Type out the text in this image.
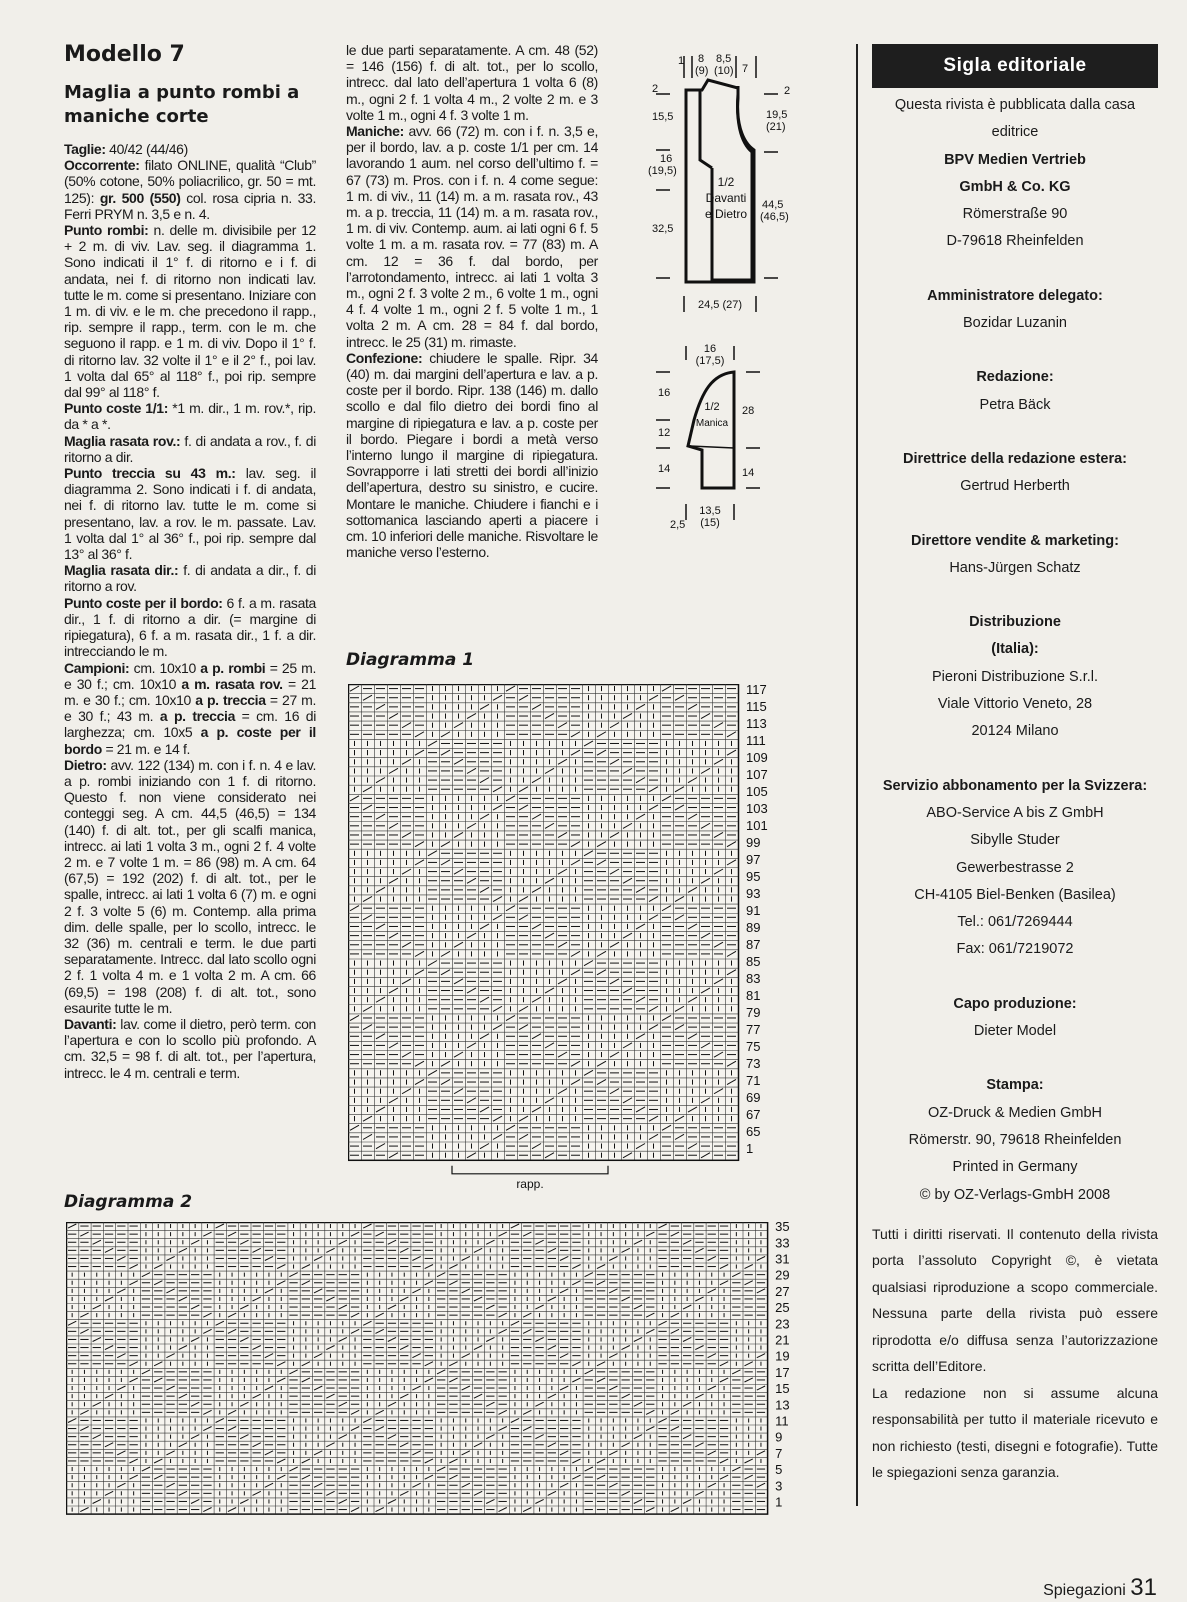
Modello 7
Maglia a punto rombi a maniche corte

Taglie: 40/42 (44/46)

Occorrente: filato ONLINE, qualità “Club” (50% cotone, 50% poliacrilico, gr. 50 = mt. 125): gr. 500 (550) col. rosa cipria n. 33. Ferri PRYM n. 3,5 e n. 4.

Punto rombi: n. delle m. divisibile per 12 + 2 m. di viv. Lav. seg. il diagramma 1. Sono indicati il 1° f. di ritorno e i f. di andata, nei f. di ritorno non indicati lav. tutte le m. come si presentano. Iniziare con 1 m. di viv. e le m. che precedono il rapp., rip. sempre il rapp., term. con le m. che seguono il rapp. e 1 m. di viv. Dopo il 1° f. di ritorno lav. 32 volte il 1° e il 2° f., poi lav. 1 volta dal 65° al 118° f., poi rip. sempre dal 99° al 118° f.

Punto coste 1/1: *1 m. dir., 1 m. rov.*, rip. da * a *.

Maglia rasata rov.: f. di andata a rov., f. di ritorno a dir.

Punto treccia su 43 m.: lav. seg. il diagramma 2. Sono indicati i f. di andata, nei f. di ritorno lav. tutte le m. come si presentano, lav. a rov. le m. passate. Lav. 1 volta dal 1° al 36° f., poi rip. sempre dal 13° al 36° f.

Maglia rasata dir.: f. di andata a dir., f. di ritorno a rov.

Punto coste per il bordo: 6 f. a m. rasata dir., 1 f. di ritorno a dir. (= margine di ripiegatura), 6 f. a m. rasata dir., 1 f. a dir. intrecciando le m.

Campioni: cm. 10x10 a p. rombi = 25 m. e 30 f.; cm. 10x10 a m. rasata rov. = 21 m. e 30 f.; cm. 10x10 a p. treccia = 27 m. e 30 f.; 43 m. a p. treccia = cm. 16 di larghezza; cm. 10x5 a p. coste per il bordo = 21 m. e 14 f.

Dietro: avv. 122 (134) m. con i f. n. 4 e lav. a p. rombi iniziando con 1 f. di ritorno. Questo f. non viene considerato nei conteggi seg. A cm. 44,5 (46,5) = 134 (140) f. di alt. tot., per gli scalfi manica, intrecc. ai lati 1 volta 3 m., ogni 2 f. 4 volte 2 m. e 7 volte 1 m. = 86 (98) m. A cm. 64 (67,5) = 192 (202) f. di alt. tot., per le spalle, intrecc. ai lati 1 volta 6 (7) m. e ogni 2 f. 3 volte 5 (6) m. Contemp. alla prima dim. delle spalle, per lo scollo, intrecc. le 32 (36) m. centrali e term. le due parti separatamente. Intrecc. dal lato scollo ogni 2 f. 1 volta 4 m. e 1 volta 2 m. A cm. 66 (69,5) = 198 (208) f. di alt. tot., sono esaurite tutte le m.

Davanti: lav. come il dietro, però term. con l’apertura e con lo scollo più profondo. A cm. 32,5 = 98 f. di alt. tot., per l’apertura, intrecc. le 4 m. centrali e term.

le due parti separatamente. A cm. 48 (52) = 146 (156) f. di alt. tot., per lo scollo, intrecc. dal lato dell’apertura 1 volta 6 (8) m., ogni 2 f. 1 volta 4 m., 2 volte 2 m. e 3 volte 1 m., ogni 4 f. 3 volte 1 m.

Maniche: avv. 66 (72) m. con i f. n. 3,5 e, per il bordo, lav. a p. coste 1/1 per cm. 14 lavorando 1 aum. nel corso dell’ultimo f. = 67 (73) m. Pros. con i f. n. 4 come segue: 1 m. di viv., 11 (14) m. a m. rasata rov., 43 m. a p. treccia, 11 (14) m. a m. rasata rov., 1 m. di viv. Contemp. aum. ai lati ogni 6 f. 5 volte 1 m. a m. rasata rov. = 77 (83) m. A cm. 12 = 36 f. dal bordo, per l’arrotondamento, intrecc. ai lati 1 volta 3 m., ogni 2 f. 3 volte 2 m., 6 volte 1 m., ogni 4 f. 4 volte 1 m., ogni 2 f. 5 volte 1 m., 1 volta 2 m. A cm. 28 = 84 f. dal bordo, intrecc. le 25 (31) m. rimaste.

Confezione: chiudere le spalle. Ripr. 34 (40) m. dai margini dell’apertura e lav. a p. coste per il bordo. Ripr. 138 (146) m. dallo scollo e dal filo dietro dei bordi fino al margine di ripiegatura e lav. a p. coste per il bordo. Piegare i bordi a metà verso l’interno lungo il margine di ripiegatura. Sovrapporre i lati stretti dei bordi all’inizio dell’apertura, destro su sinistro, e cucire. Montare le maniche. Chiudere i fianchi e i sottomanica lasciando aperti a piacere i cm. 10 inferiori delle maniche. Risvoltare le maniche verso l’esterno.

1 8
(9)
8,5
(10) 7
2
15,5
16
(19,5)
32,5
2
19,5
(21)
44,5
(46,5)
1/2
Davanti
e Dietro
24,5 (27)
16
(17,5)
16
12
14
28
14
1/2
Manica
2,5
13,5
(15)
Diagramma 1
117
115
113
111
109
107
105
103
101
99
97
95
93
91
89
87
85
83
81
79
77
75
73
71
69
67
65
1
rapp.
Diagramma 2
35
33
31
29
27
25
23
21
19
17
15
13
11
9
7
5
3
1
Sigla editoriale
Questa rivista è pubblicata dalla casa
editrice
BPV Medien Vertrieb
GmbH & Co. KG
Römerstraße 90
D-79618 Rheinfelden
Amministratore delegato:
Bozidar Luzanin
Redazione:
Petra Bäck
Direttrice della redazione estera:
Gertrud Herberth
Direttore vendite & marketing:
Hans-Jürgen Schatz
Distribuzione
(Italia):
Pieroni Distribuzione S.r.l.
Viale Vittorio Veneto, 28
20124 Milano
Servizio abbonamento per la Svizzera:
ABO-Service A bis Z GmbH
Sibylle Studer
Gewerbestrasse 2
CH-4105 Biel-Benken (Basilea)
Tel.: 061/7269444
Fax: 061/7219072
Capo produzione:
Dieter Model
Stampa:
OZ-Druck & Medien GmbH
Römerstr. 90, 79618 Rheinfelden
Printed in Germany
© by OZ-Verlags-GmbH 2008

Tutti i diritti riservati. Il contenuto della rivista porta l’assoluto Copyright ©, è vietata qualsiasi riproduzione a scopo commerciale. Nessuna parte della rivista può essere riprodotta e/o diffusa senza l’autorizzazione scritta dell’Editore.

La redazione non si assume alcuna responsabilità per tutto il materiale ricevuto e non richiesto (testi, disegni e fotografie). Tutte le spiegazioni senza garanzia.

Spiegazioni 31
